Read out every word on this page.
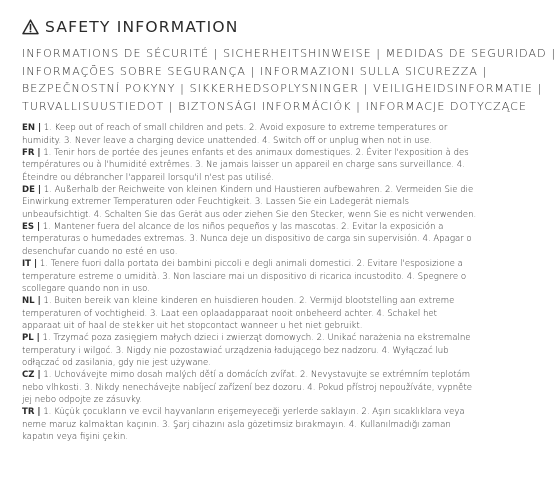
SAFETY INFORMATION
INFORMATIONS DE SÉCURITÉ | SICHERHEITSHINWEISE | MEDIDAS DE SEGURIDAD |
INFORMAÇÕES SOBRE SEGURANÇA | INFORMAZIONI SULLA SICUREZZA |
BEZPEČNOSTNÍ POKYNY | SIKKERHEDSOPLYSNINGER | VEILIGHEIDSINFORMATIE |
TURVALLISUUSTIEDOT | BIZTONSÁGI INFORMÁCIÓK | INFORMACJE DOTYCZĄCE

EN | 1. Keep out of reach of small children and pets. 2. Avoid exposure to extreme temperatures or humidity. 3. Never leave a charging device unattended. 4. Switch off or unplug when not in use.

FR | 1. Tenir hors de portée des jeunes enfants et des animaux domestiques. 2. Éviter l'exposition à des températures ou à l'humidité extrêmes. 3. Ne jamais laisser un appareil en charge sans surveillance. 4. Éteindre ou débrancher l'appareil lorsqu'il n'est pas utilisé.

DE | 1. Außerhalb der Reichweite von kleinen Kindern und Haustieren aufbewahren. 2. Vermeiden Sie die Einwirkung extremer Temperaturen oder Feuchtigkeit. 3. Lassen Sie ein Ladegerät niemals unbeaufsichtigt. 4. Schalten Sie das Gerät aus oder ziehen Sie den Stecker, wenn Sie es nicht verwenden.

ES | 1. Mantener fuera del alcance de los niños pequeños y las mascotas. 2. Evitar la exposición a temperaturas o humedades extremas. 3. Nunca deje un dispositivo de carga sin supervisión. 4. Apagar o desenchufar cuando no esté en uso.

IT | 1. Tenere fuori dalla portata dei bambini piccoli e degli animali domestici. 2. Evitare l'esposizione a temperature estreme o umidità. 3. Non lasciare mai un dispositivo di ricarica incustodito. 4. Spegnere o scollegare quando non in uso.

NL | 1. Buiten bereik van kleine kinderen en huisdieren houden. 2. Vermijd blootstelling aan extreme temperaturen of vochtigheid. 3. Laat een oplaadapparaat nooit onbeheerd achter. 4. Schakel het apparaat uit of haal de stekker uit het stopcontact wanneer u het niet gebruikt.

PL | 1. Trzymać poza zasięgiem małych dzieci i zwierząt domowych. 2. Unikać narażenia na ekstremalne temperatury i wilgoć. 3. Nigdy nie pozostawiać urządzenia ładującego bez nadzoru. 4. Wyłączać lub odłączać od zasilania, gdy nie jest używane.

CZ | 1. Uchovávejte mimo dosah malých dětí a domácích zvířat. 2. Nevystavujte se extrémním teplotám nebo vlhkosti. 3. Nikdy nenechávejte nabíjecí zařízení bez dozoru. 4. Pokud přístroj nepoužíváte, vypněte jej nebo odpojte ze zásuvky.

TR | 1. Küçük çocukların ve evcil hayvanların erişemeyeceği yerlerde saklayın. 2. Aşırı sıcaklıklara veya neme maruz kalmaktan kaçının. 3. Şarj cihazını asla gözetimsiz bırakmayın. 4. Kullanılmadığı zaman kapatın veya fişini çekin.
